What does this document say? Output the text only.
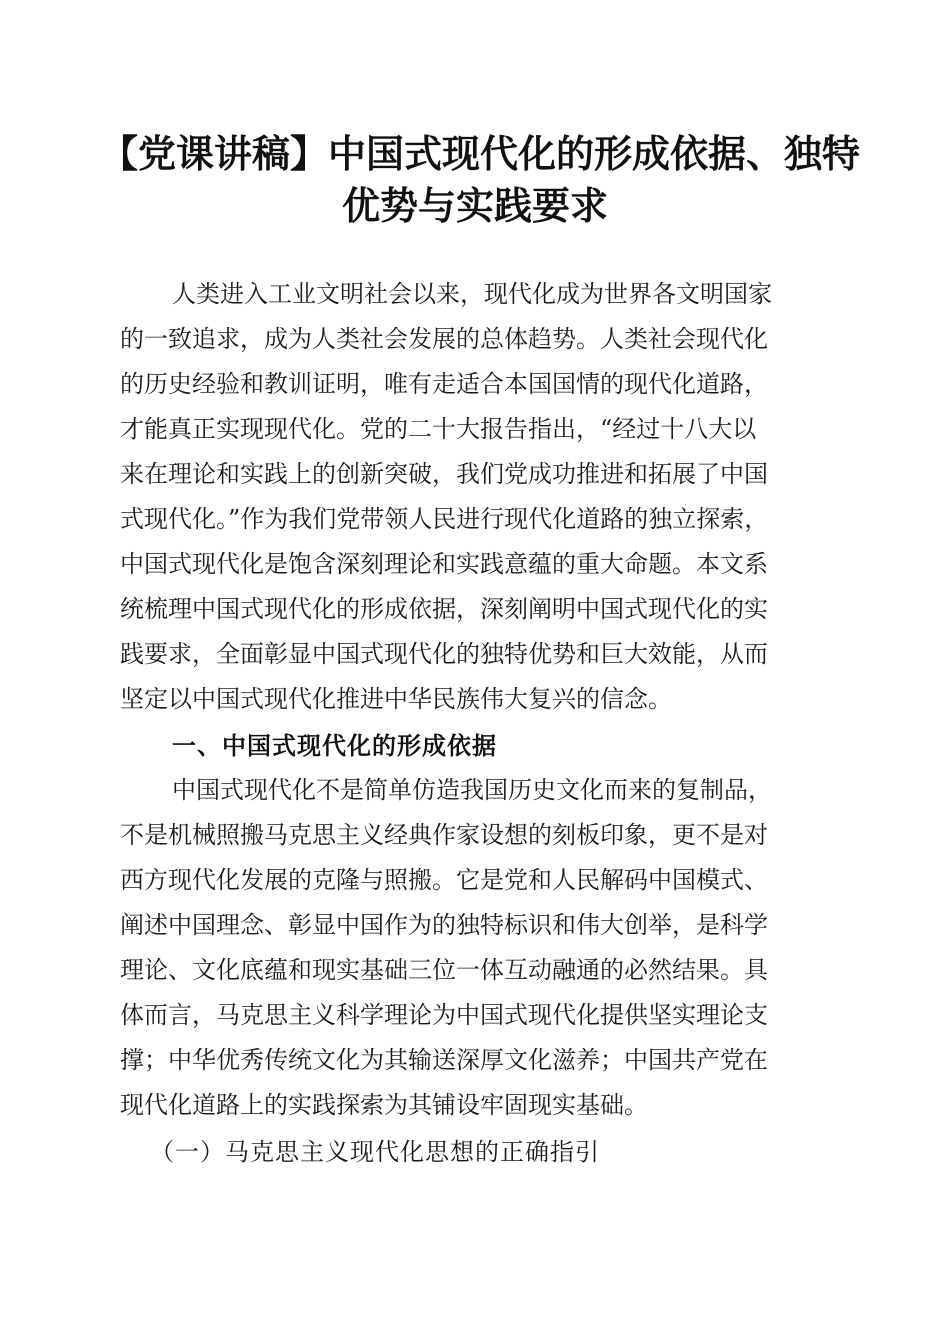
【党课讲稿】中国式现代化的形成依据、独特
优势与实践要求
人类进入工业文明社会以来，现代化成为世界各文明国家
的一致追求，成为人类社会发展的总体趋势。人类社会现代化
的历史经验和教训证明，唯有走适合本国国情的现代化道路，
才能真正实现现代化。党的二十大报告指出，“经过十八大以
来在理论和实践上的创新突破，我们党成功推进和拓展了中国
式现代化。”作为我们党带领人民进行现代化道路的独立探索，
中国式现代化是饱含深刻理论和实践意蕴的重大命题。本文系
统梳理中国式现代化的形成依据，深刻阐明中国式现代化的实
践要求，全面彰显中国式现代化的独特优势和巨大效能，从而
坚定以中国式现代化推进中华民族伟大复兴的信念。
一、中国式现代化的形成依据
中国式现代化不是简单仿造我国历史文化而来的复制品，
不是机械照搬马克思主义经典作家设想的刻板印象，更不是对
西方现代化发展的克隆与照搬。它是党和人民解码中国模式、
阐述中国理念、彰显中国作为的独特标识和伟大创举，是科学
理论、文化底蕴和现实基础三位一体互动融通的必然结果。具
体而言，马克思主义科学理论为中国式现代化提供坚实理论支
撑；中华优秀传统文化为其输送深厚文化滋养；中国共产党在
现代化道路上的实践探索为其铺设牢固现实基础。
（一）马克思主义现代化思想的正确指引
